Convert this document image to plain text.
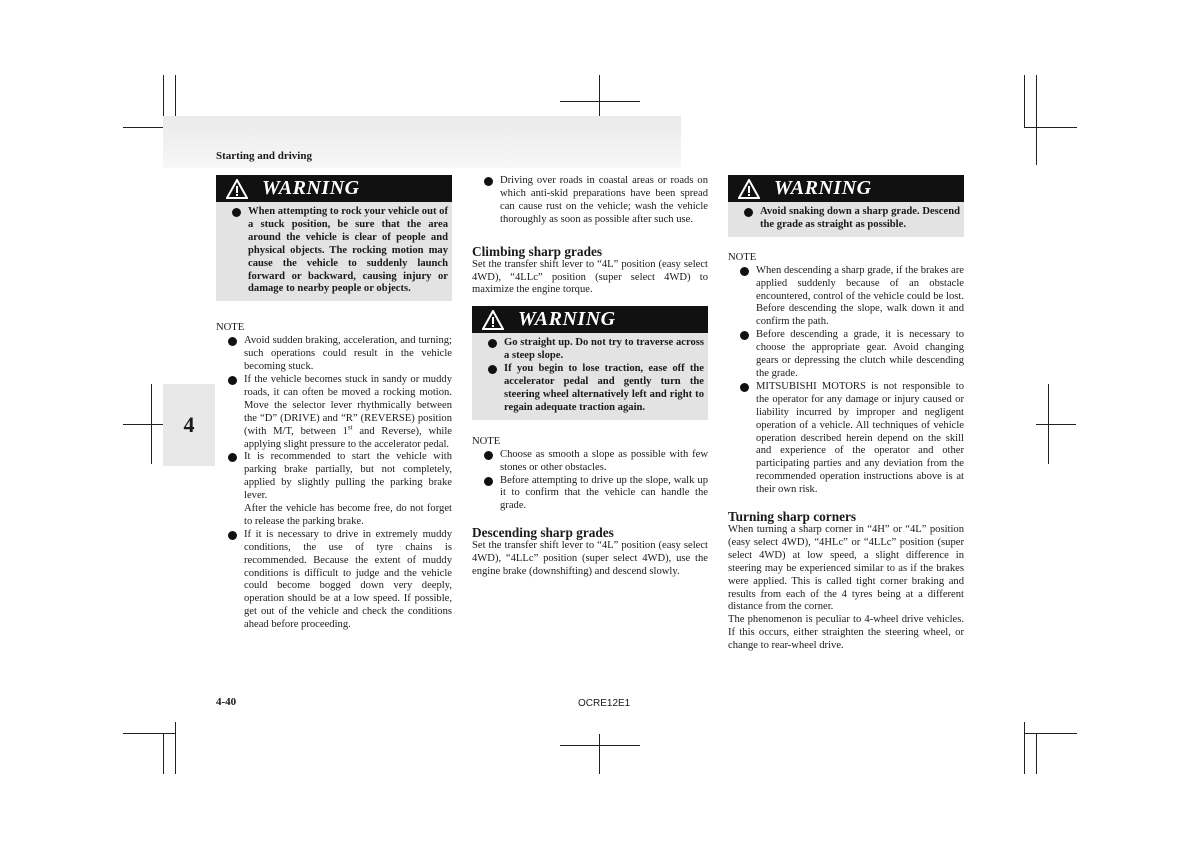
Starting and driving
4
WARNING
When attempting to rock your vehicle out of a stuck position, be sure that the area around the vehicle is clear of people and physical objects. The rocking motion may cause the vehicle to suddenly launch forward or backward, causing injury or damage to nearby people or objects.
NOTE
Avoid sudden braking, acceleration, and turning; such operations could result in the vehicle becoming stuck.
If the vehicle becomes stuck in sandy or muddy roads, it can often be moved a rocking motion. Move the selector lever rhythmically between the “D” (DRIVE) and “R” (REVERSE) position (with M/T, between 1st and Reverse), while applying slight pressure to the accelerator pedal.
It is recommended to start the vehicle with parking brake partially, but not completely, applied by slightly pulling the parking brake lever.
After the vehicle has become free, do not forget to release the parking brake.
If it is necessary to drive in extremely muddy conditions, the use of tyre chains is recommended. Because the extent of muddy conditions is difficult to judge and the vehicle could become bogged down very deeply, operation should be at a low speed. If possible, get out of the vehicle and check the conditions ahead before proceeding.
Driving over roads in coastal areas or roads on which anti-skid preparations have been spread can cause rust on the vehicle; wash the vehicle thoroughly as soon as possible after such use.
Climbing sharp grades
Set the transfer shift lever to “4L” position (easy select 4WD), “4LLc” position (super select 4WD) to maximize the engine torque.
WARNING
Go straight up. Do not try to traverse across a steep slope.
If you begin to lose traction, ease off the accelerator pedal and gently turn the steering wheel alternatively left and right to regain adequate traction again.
NOTE
Choose as smooth a slope as possible with few stones or other obstacles.
Before attempting to drive up the slope, walk up it to confirm that the vehicle can handle the grade.
Descending sharp grades
Set the transfer shift lever to “4L” position (easy select 4WD), “4LLc” position (super select 4WD), use the engine brake (downshifting) and descend slowly.
WARNING
Avoid snaking down a sharp grade. Descend the grade as straight as possible.
NOTE
When descending a sharp grade, if the brakes are applied suddenly because of an obstacle encountered, control of the vehicle could be lost. Before descending the slope, walk down it and confirm the path.
Before descending a grade, it is necessary to choose the appropriate gear. Avoid changing gears or depressing the clutch while descending the grade.
MITSUBISHI MOTORS is not responsible to the operator for any damage or injury caused or liability incurred by improper and negligent operation of a vehicle. All techniques of vehicle operation described herein depend on the skill and experience of the operator and other participating parties and any deviation from the recommended operation instructions above is at their own risk.
Turning sharp corners
When turning a sharp corner in “4H” or “4L” position (easy select 4WD), “4HLc” or “4LLc” position (super select 4WD) at low speed, a slight difference in steering may be experienced similar to as if the brakes were applied. This is called tight corner braking and results from each of the 4 tyres being at a different distance from the corner.
The phenomenon is peculiar to 4-wheel drive vehicles. If this occurs, either straighten the steering wheel, or change to rear-wheel drive.
4-40	OCRE12E1
